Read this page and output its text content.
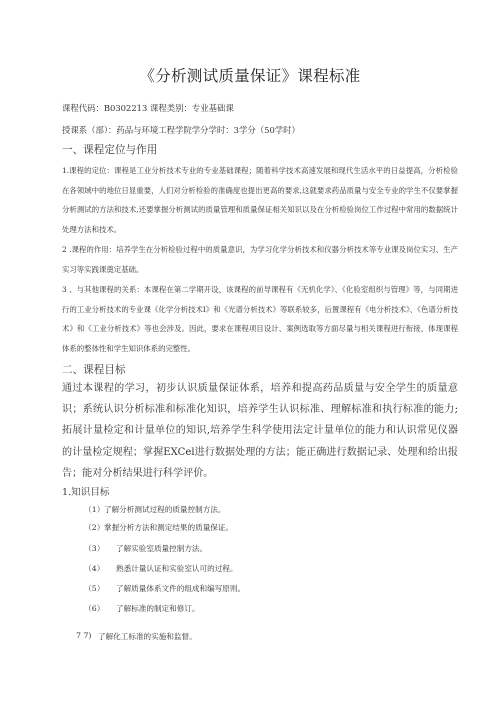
《分析测试质量保证》课程标准
课程代码：B0302213 课程类别：专业基础课
授课系（部）：药品与环境工程学院学分学时：3学分（50学时）
一、课程定位与作用
1.课程的定位：课程是工业分析技术专业的专业基础课程；随着科学技术高速发展和现代生活水平的日益提高，分析检验在各领域中的地位日显重要，人们对分析检验的准确度也提出更高的要求,这就要求药品质量与安全专业的学生不仅要掌握分析测试的方法和技术,还要掌握分析测试的质量管理和质量保证相关知识以及在分析检验岗位工作过程中常用的数据统计处理方法和技术。
2 .课程的作用：培养学生在分析检验过程中的质量意识，为学习化学分析技术和仪器分析技术等专业课及岗位实习、生产实习等实践课奠定基础。
3 、与其他课程的关系：本课程在第二学期开设，该课程的前导课程有《无机化学》、《化验室组织与管理》等，与同期进行的工业分析技术的专业课《化学分析技术Ⅰ》和《光谱分析技术》等联系较多，后置课程有《电分析技术》、《色谱分析技术》和《工业分析技术》等也会涉及。因此，要求在课程项目设计、案例选取等方面尽量与相关课程进行衔接，体现课程体系的整体性和学生知识体系的完整性。
二、课程目标
通过本课程的学习，初步认识质量保证体系，培养和提高药品质量与安全学生的质量意识；系统认识分析标准和标准化知识，培养学生认识标准、理解标准和执行标准的能力;拓展计量检定和计量单位的知识,培养学生科学使用法定计量单位的能力和认识常见仪器的计量检定规程；掌握EXCel进行数据处理的方法；能正确进行数据记录、处理和给出报告；能对分析结果进行科学评价。
1.知识目标
（1） 了解分析测试过程的质量控制方法。
（2） 掌握分析方法和测定结果的质量保证。
（3） 了解实验室质量控制方法。
（4） 熟悉计量认证和实验室认可的过程。
（5） 了解质量体系文件的组成和编写原则。
（6） 了解标准的制定和修订。
7 7) 了解化工标准的实施和监督。
